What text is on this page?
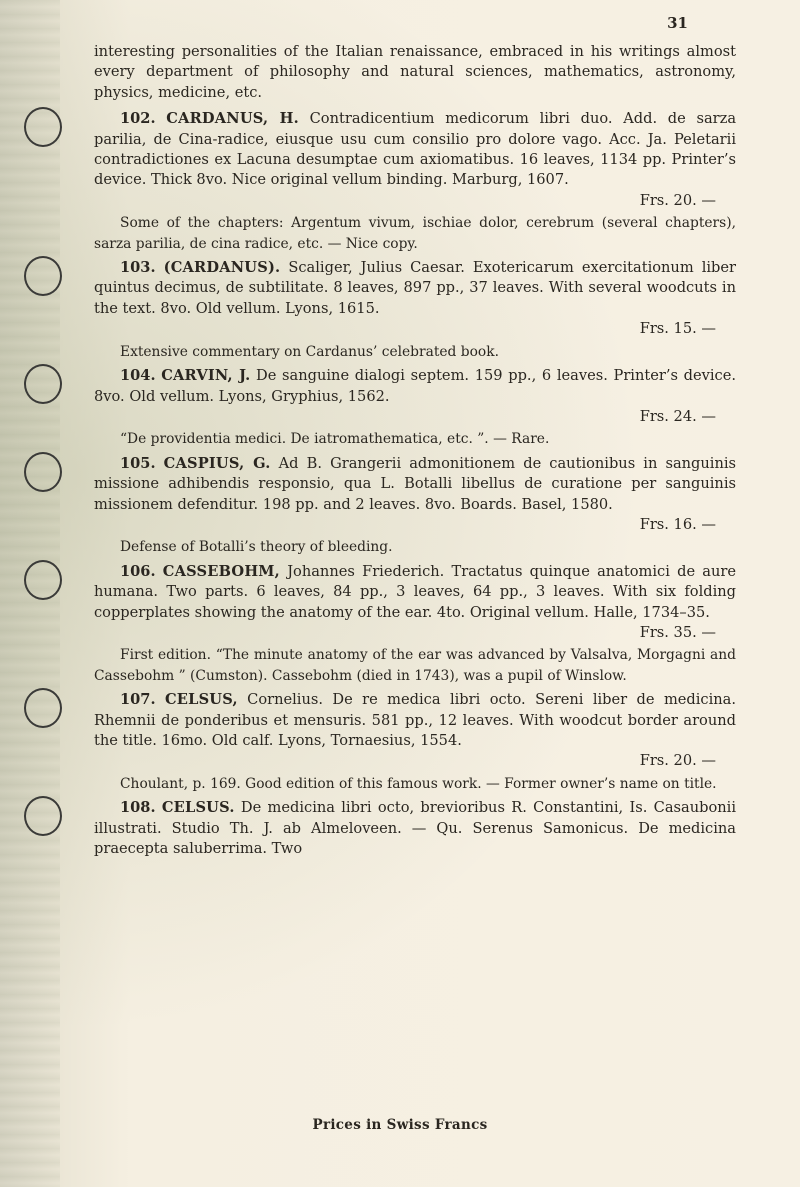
31

interesting personalities of the Italian renaissance, embraced in his writings almost every department of philosophy and natural sciences, mathematics, astronomy, physics, medicine, etc.

102. CARDANUS, H. Contradicentium medicorum libri duo. Add. de sarza parilia, de Cina-radice, eiusque usu cum consilio pro dolore vago. Acc. Ja. Peletarii contradictiones ex Lacuna desumptae cum axiomatibus. 16 leaves, 1134 pp. Printer’s device. Thick 8vo. Nice original vellum binding. Marburg, 1607.

Frs. 20. —

Some of the chapters: Argentum vivum, ischiae dolor, cerebrum (several chapters), sarza parilia, de cina radice, etc. — Nice copy.

103. (CARDANUS). Scaliger, Julius Caesar. Exotericarum exercitationum liber quintus decimus, de subtilitate. 8 leaves, 897 pp., 37 leaves. With several woodcuts in the text. 8vo. Old vellum. Lyons, 1615.

Frs. 15. —

Extensive commentary on Cardanus’ celebrated book.

104. CARVIN, J. De sanguine dialogi septem. 159 pp., 6 leaves. Printer’s device. 8vo. Old vellum. Lyons, Gryphius, 1562.

Frs. 24. —

“De providentia medici. De iatromathematica, etc. ”. — Rare.

105. CASPIUS, G. Ad B. Grangerii admonitionem de cautionibus in sanguinis missione adhibendis responsio, qua L. Botalli libellus de curatione per sanguinis missionem defenditur. 198 pp. and 2 leaves. 8vo. Boards. Basel, 1580.

Frs. 16. —

Defense of Botalli’s theory of bleeding.

106. CASSEBOHM, Johannes Friederich. Tractatus quinque anatomici de aure humana. Two parts. 6 leaves, 84 pp., 3 leaves, 64 pp., 3 leaves. With six folding copperplates showing the anatomy of the ear. 4to. Original vellum. Halle, 1734–35.

Frs. 35. —

First edition. “The minute anatomy of the ear was advanced by Valsalva, Morgagni and Cassebohm ” (Cumston). Cassebohm (died in 1743), was a pupil of Winslow.

107. CELSUS, Cornelius. De re medica libri octo. Sereni liber de medicina. Rhemnii de ponderibus et mensuris. 581 pp., 12 leaves. With woodcut border around the title. 16mo. Old calf. Lyons, Tornaesius, 1554.

Frs. 20. —

Choulant, p. 169. Good edition of this famous work. — Former owner’s name on title.

108. CELSUS. De medicina libri octo, brevioribus R. Constantini, Is. Casaubonii illustrati. Studio Th. J. ab Almeloveen. — Qu. Serenus Samonicus. De medicina praecepta saluberrima. Two

Prices in Swiss Francs
